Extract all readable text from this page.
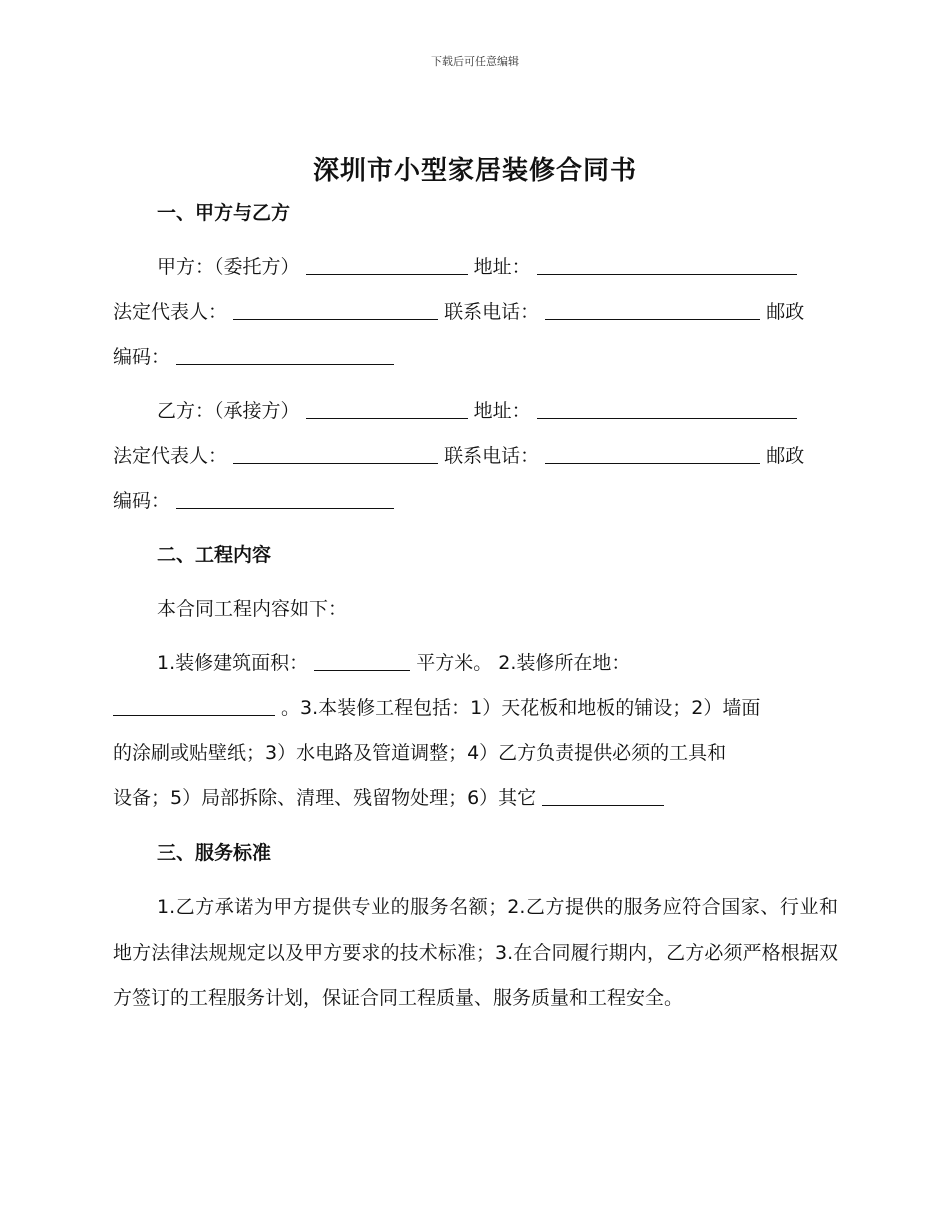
下载后可任意编辑
深圳市小型家居装修合同书
一、甲方与乙方
甲方：（委托方）	地址：
法定代表人：	联系电话：	邮政
编码：
乙方：（承接方）	地址：
法定代表人：	联系电话：	邮政
编码：
二、工程内容
本合同工程内容如下：
1.装修建筑面积：	平方米。 2.装修所在地：
。3.本装修工程包括：1）天花板和地板的铺设；2）墙面
的涂刷或贴壁纸；3）水电路及管道调整；4）乙方负责提供必须的工具和
设备；5）局部拆除、清理、残留物处理；6）其它
三、服务标准
1.乙方承诺为甲方提供专业的服务名额；2.乙方提供的服务应符合国家、行业和地方法律法规规定以及甲方要求的技术标准；3.在合同履行期内，乙方必须严格根据双方签订的工程服务计划，保证合同工程质量、服务质量和工程安全。
